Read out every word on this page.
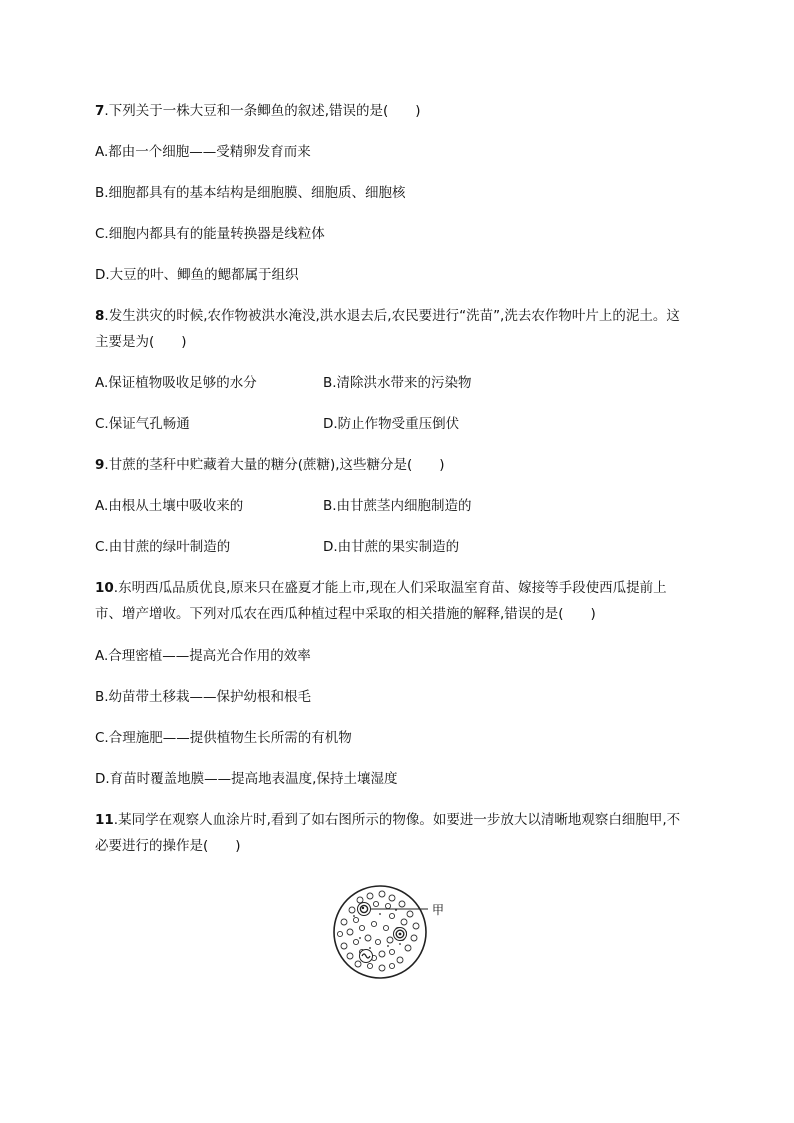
7.下列关于一株大豆和一条鲫鱼的叙述,错误的是(　　)
A.都由一个细胞——受精卵发育而来
B.细胞都具有的基本结构是细胞膜、细胞质、细胞核
C.细胞内都具有的能量转换器是线粒体
D.大豆的叶、鲫鱼的鳃都属于组织
8.发生洪灾的时候,农作物被洪水淹没,洪水退去后,农民要进行“洗苗”,洗去农作物叶片上的泥土。这
主要是为(　　)
A.保证植物吸收足够的水分	B.清除洪水带来的污染物
C.保证气孔畅通	D.防止作物受重压倒伏
9.甘蔗的茎秆中贮藏着大量的糖分(蔗糖),这些糖分是(　　)
A.由根从土壤中吸收来的	B.由甘蔗茎内细胞制造的
C.由甘蔗的绿叶制造的	D.由甘蔗的果实制造的
10.东明西瓜品质优良,原来只在盛夏才能上市,现在人们采取温室育苗、嫁接等手段使西瓜提前上
市、增产增收。下列对瓜农在西瓜种植过程中采取的相关措施的解释,错误的是(　　)
A.合理密植——提高光合作用的效率
B.幼苗带土移栽——保护幼根和根毛
C.合理施肥——提供植物生长所需的有机物
D.育苗时覆盖地膜——提高地表温度,保持土壤湿度
11.某同学在观察人血涂片时,看到了如右图所示的物像。如要进一步放大以清晰地观察白细胞甲,不
必要进行的操作是(　　)
甲
